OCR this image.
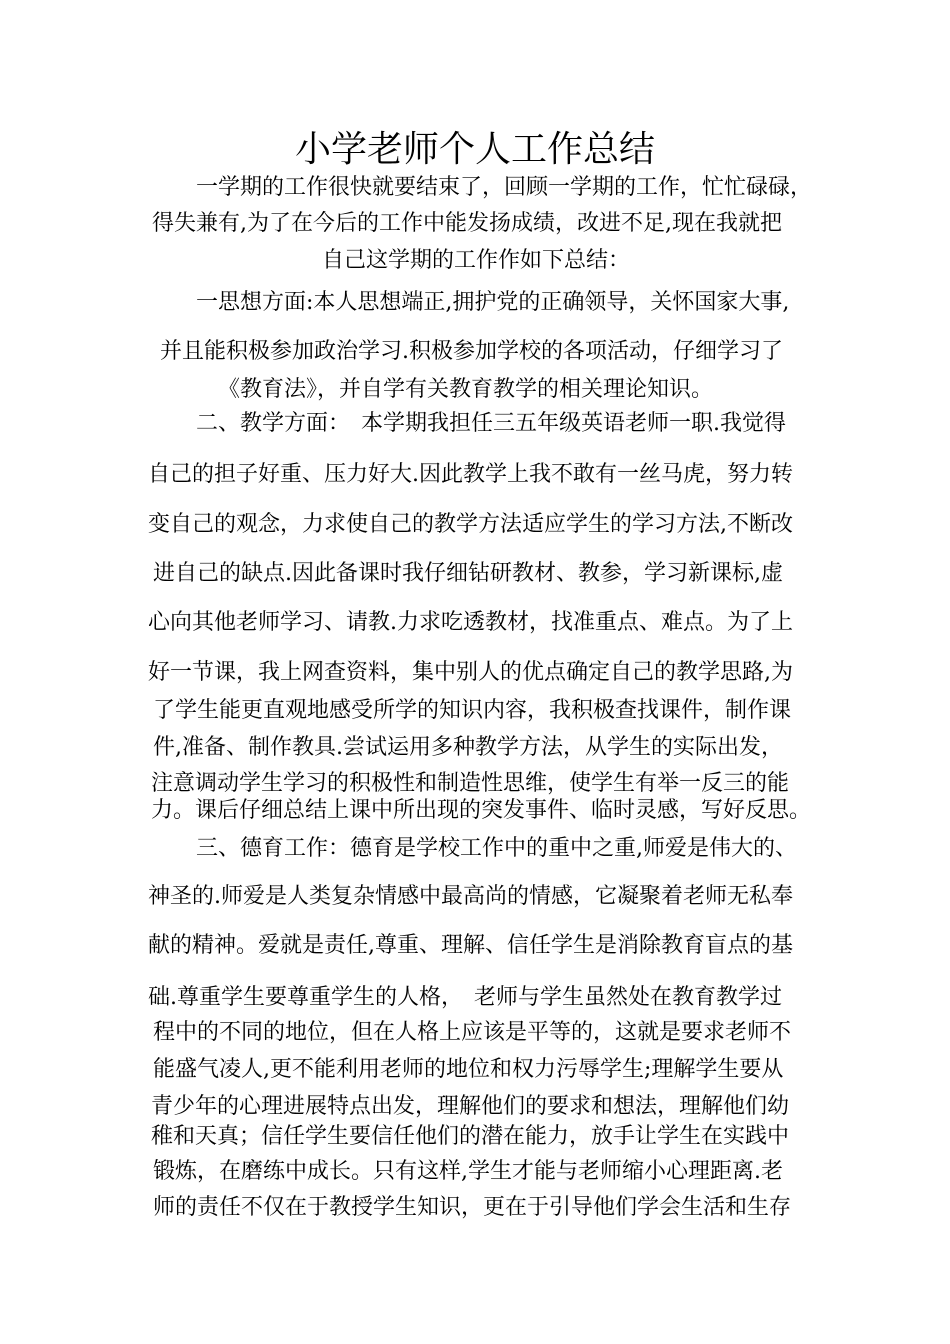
小学老师个人工作总结
一学期的工作很快就要结束了，回顾一学期的工作，忙忙碌碌，
得失兼有,为了在今后的工作中能发扬成绩，改进不足,现在我就把
自己这学期的工作作如下总结：
一思想方面:本人思想端正,拥护党的正确领导，关怀国家大事,
并且能积极参加政治学习.积极参加学校的各项活动，仔细学习了
《教育法》，并自学有关教育教学的相关理论知识。
二、教学方面：　本学期我担任三五年级英语老师一职.我觉得
自己的担子好重、压力好大.因此教学上我不敢有一丝马虎，努力转
变自己的观念，力求使自己的教学方法适应学生的学习方法,不断改
进自己的缺点.因此备课时我仔细钻研教材、教参，学习新课标,虚
心向其他老师学习、请教.力求吃透教材，找准重点、难点。为了上
好一节课，我上网查资料，集中别人的优点确定自己的教学思路,为
了学生能更直观地感受所学的知识内容，我积极查找课件，制作课
件,准备、制作教具.尝试运用多种教学方法，从学生的实际出发，
注意调动学生学习的积极性和制造性思维，使学生有举一反三的能
力。课后仔细总结上课中所出现的突发事件、临时灵感，写好反思。
三、德育工作：德育是学校工作中的重中之重,师爱是伟大的、
神圣的.师爱是人类复杂情感中最高尚的情感，它凝聚着老师无私奉
献的精神。爱就是责任,尊重、理解、信任学生是消除教育盲点的基
础.尊重学生要尊重学生的人格，　老师与学生虽然处在教育教学过
程中的不同的地位，但在人格上应该是平等的，这就是要求老师不
能盛气凌人,更不能利用老师的地位和权力污辱学生;理解学生要从
青少年的心理进展特点出发，理解他们的要求和想法，理解他们幼
稚和天真；信任学生要信任他们的潜在能力，放手让学生在实践中
锻炼，在磨练中成长。只有这样,学生才能与老师缩小心理距离.老
师的责任不仅在于教授学生知识，更在于引导他们学会生活和生存
